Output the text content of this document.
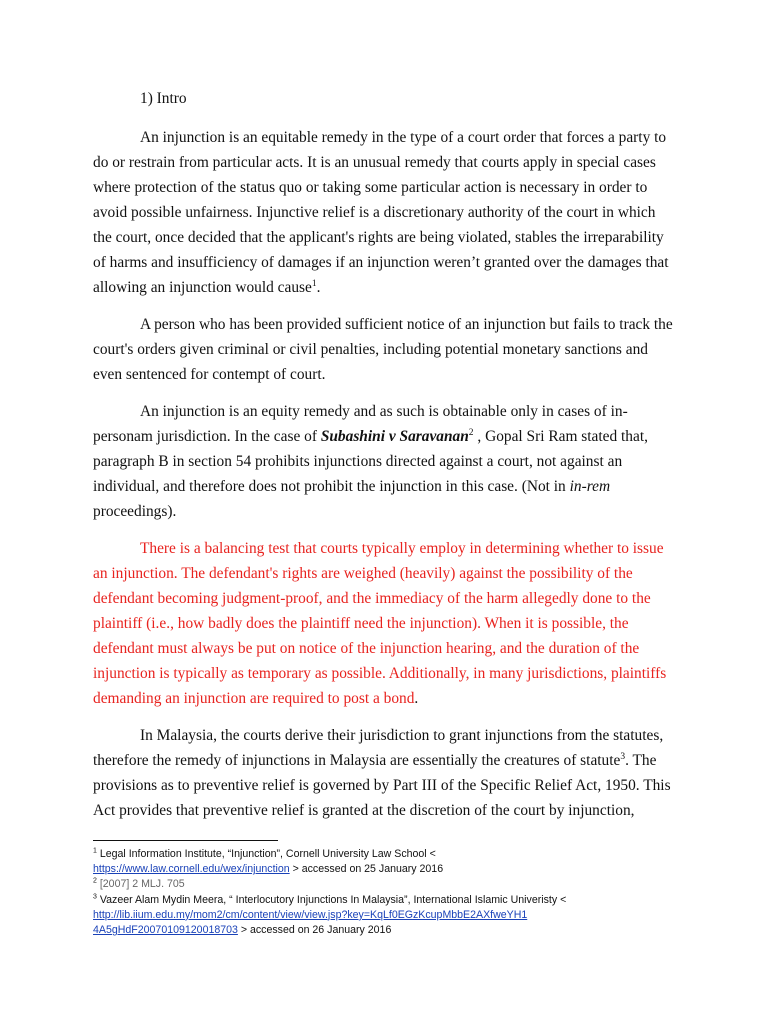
1) Intro

An injunction is an equitable remedy in the type of a court order that forces a party to do or restrain from particular acts. It is an unusual remedy that courts apply in special cases where protection of the status quo or taking some particular action is necessary in order to avoid possible unfairness. Injunctive relief is a discretionary authority of the court in which the court, once decided that the applicant's rights are being violated, stables the irreparability of harms and insufficiency of damages if an injunction weren’t granted over the damages that allowing an injunction would cause$^1$.

A person who has been provided sufficient notice of an injunction but fails to track the court's orders given criminal or civil penalties, including potential monetary sanctions and even sentenced for contempt of court.

An injunction is an equity remedy and as such is obtainable only in cases of in-personam jurisdiction. In the case of Subashini v Saravanan$^2$ , Gopal Sri Ram stated that, paragraph B in section 54 prohibits injunctions directed against a court, not against an individual, and therefore does not prohibit the injunction in this case. (Not in in-rem proceedings).

There is a balancing test that courts typically employ in determining whether to issue an injunction. The defendant's rights are weighed (heavily) against the possibility of the defendant becoming judgment-proof, and the immediacy of the harm allegedly done to the plaintiff (i.e., how badly does the plaintiff need the injunction). When it is possible, the defendant must always be put on notice of the injunction hearing, and the duration of the injunction is typically as temporary as possible. Additionally, in many jurisdictions, plaintiffs demanding an injunction are required to post a bond.

In Malaysia, the courts derive their jurisdiction to grant injunctions from the statutes, therefore the remedy of injunctions in Malaysia are essentially the creatures of statute$^3$. The provisions as to preventive relief is governed by Part III of the Specific Relief Act, 1950. This Act provides that preventive relief is granted at the discretion of the court by injunction,

$^1$ Legal Information Institute, “Injunction”, Cornell University Law School <
https://www.law.cornell.edu/wex/injunction > accessed on 25 January 2016

$^2$ [2007] 2 MLJ. 705

$^3$ Vazeer Alam Mydin Meera, “ Interlocutory Injunctions In Malaysia”, International Islamic Univeristy <
http://lib.iium.edu.my/mom2/cm/content/view/view.jsp?key=KqLf0EGzKcupMbbE2AXfweYH1
4A5gHdF20070109120018703 > accessed on 26 January 2016
